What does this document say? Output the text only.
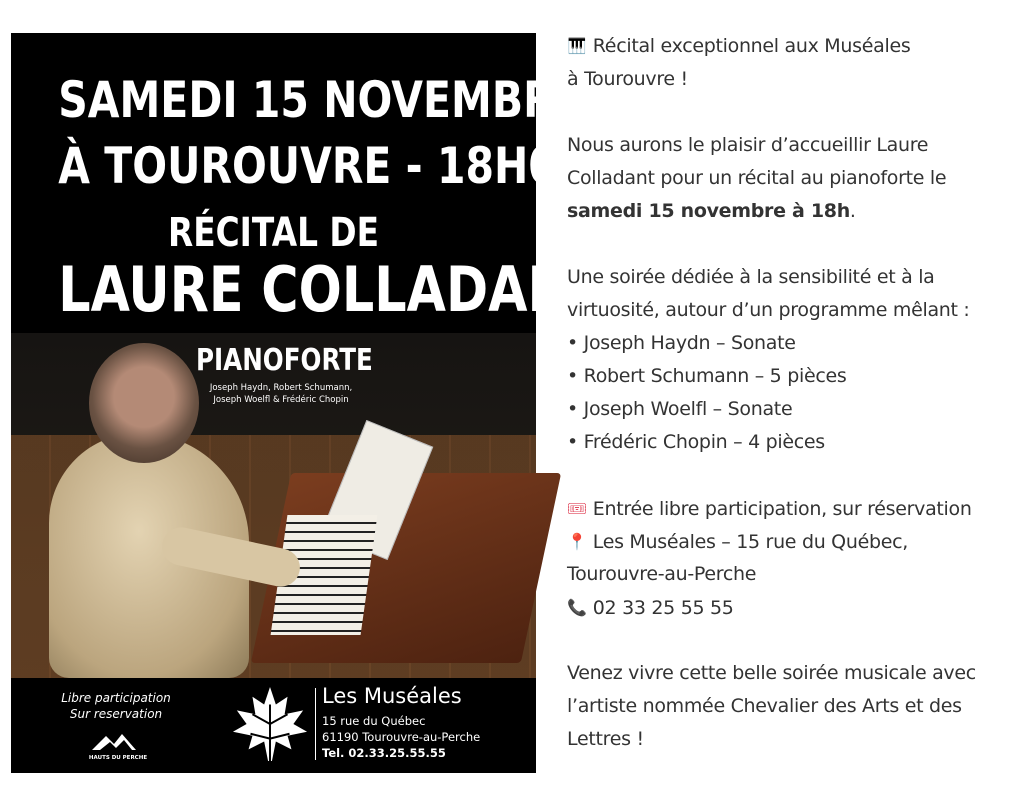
SAMEDI 15 NOVEMBRE
À TOUROUVRE - 18H00
RÉCITAL DE
LAURE COLLADANT
PIANOFORTE
Joseph Haydn, Robert Schumann,
Joseph Woelfl & Frédéric Chopin
Libre participation
Sur reservation
HAUTS DU PERCHE
Les Muséales
15 rue du Québec
61190 Tourouvre-au-Perche
Tel. 02.33.25.55.55
🎹 Récital exceptionnel aux Muséales
à Tourouvre !
Nous aurons le plaisir d’accueillir Laure
Colladant pour un récital au pianoforte le
samedi 15 novembre à 18h.
Une soirée dédiée à la sensibilité et à la
virtuosité, autour d’un programme mêlant :
• Joseph Haydn – Sonate
• Robert Schumann – 5 pièces
• Joseph Woelfl – Sonate
• Frédéric Chopin – 4 pièces
🎟 Entrée libre participation, sur réservation
📍 Les Muséales – 15 rue du Québec,
Tourouvre-au-Perche
📞 02 33 25 55 55
Venez vivre cette belle soirée musicale avec
l’artiste nommée Chevalier des Arts et des
Lettres !
